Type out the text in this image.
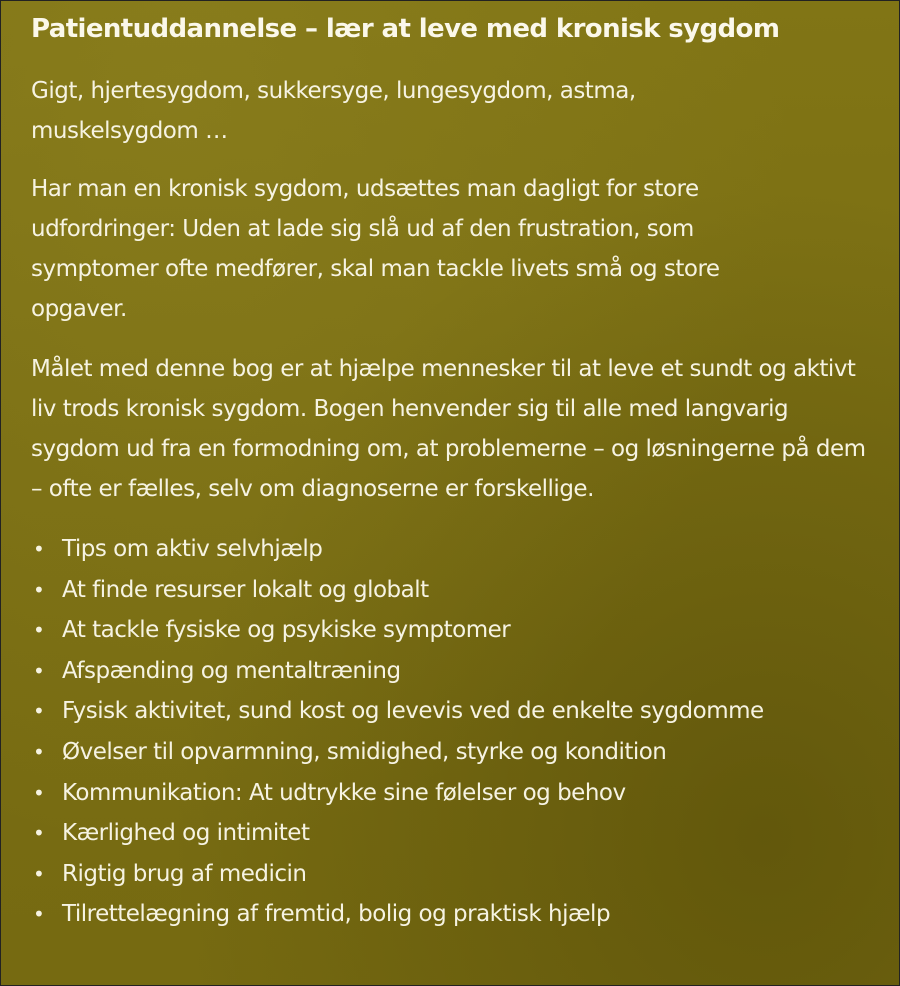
Patientuddannelse – lær at leve med kronisk sygdom
Gigt, hjertesygdom, sukkersyge, lungesygdom, astma, muskelsygdom …
Har man en kronisk sygdom, udsættes man dagligt for store udfordringer: Uden at lade sig slå ud af den frustration, som symptomer ofte medfører, skal man tackle livets små og store opgaver.
Målet med denne bog er at hjælpe mennesker til at leve et sundt og aktivt liv trods kronisk sygdom. Bogen henvender sig til alle med langvarig sygdom ud fra en formodning om, at problemerne – og løsningerne på dem – ofte er fælles, selv om diagnoserne er forskellige.
• Tips om aktiv selvhjælp
• At finde resurser lokalt og globalt
• At tackle fysiske og psykiske symptomer
• Afspænding og mentaltræning
• Fysisk aktivitet, sund kost og levevis ved de enkelte sygdomme
• Øvelser til opvarmning, smidighed, styrke og kondition
• Kommunikation: At udtrykke sine følelser og behov
• Kærlighed og intimitet
• Rigtig brug af medicin
• Tilrettelægning af fremtid, bolig og praktisk hjælp
